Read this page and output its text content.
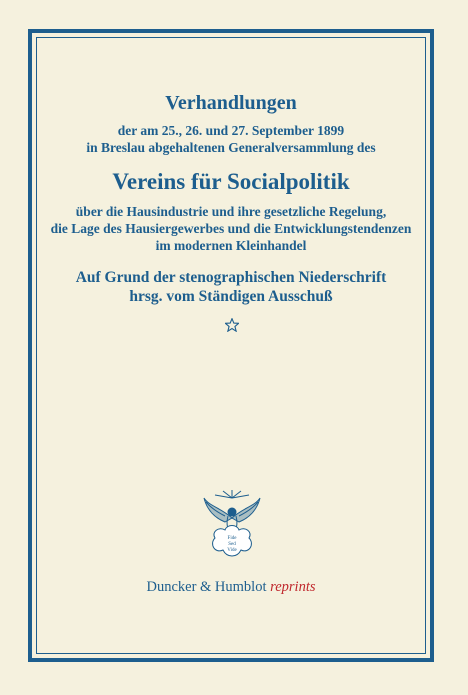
Verhandlungen
der am 25., 26. und 27. September 1899
in Breslau abgehaltenen Generalversammlung des
Vereins für Socialpolitik
über die Hausindustrie und ihre gesetzliche Regelung,
die Lage des Hausiergewerbes und die Entwicklungstendenzen
im modernen Kleinhandel
Auf Grund der stenographischen Niederschrift
hrsg. vom Ständigen Ausschuß
Fide
Sed
Vide
Duncker & Humblot reprints
